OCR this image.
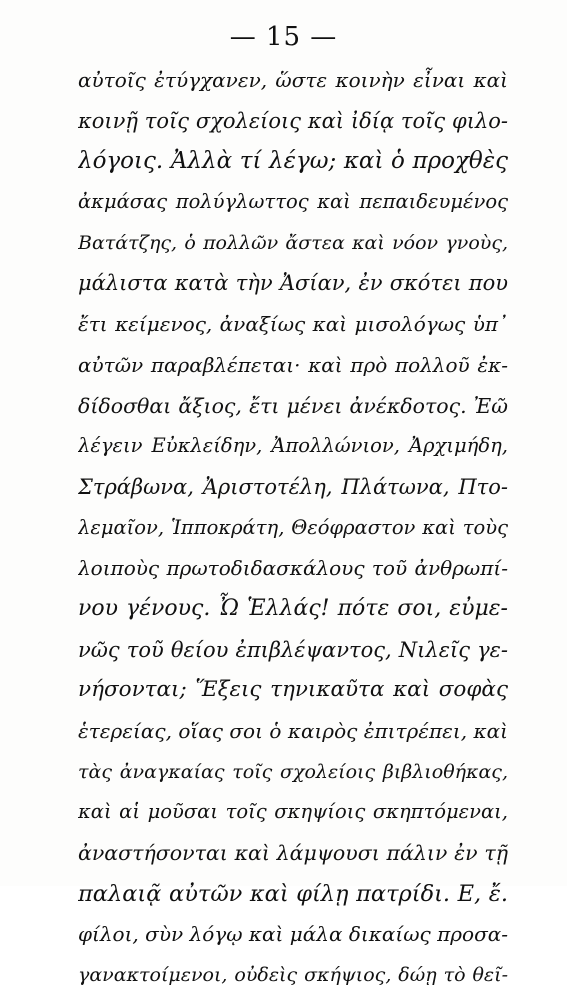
— 15 —
αὐτοῖς ἐτύγχανεν, ὥστε κοινὴν εἶναι καὶ
κοινῇ τοῖς σχολείοις καὶ ἰδίᾳ τοῖς φιλο-
λόγοις. Ἀλλὰ τί λέγω; καὶ ὁ προχθὲς
ἀκμάσας πολύγλωττος καὶ πεπαιδευμένος
Βατάτζης, ὁ πολλῶν ἄστεα καὶ νόον γνοὺς,
μάλιστα κατὰ τὴν Ἀσίαν, ἐν σκότει που
ἔτι κείμενος, ἀναξίως καὶ μισολόγως ὑπ᾽
αὐτῶν παραβλέπεται· καὶ πρὸ πολλοῦ ἐκ-
δίδοσθαι ἄξιος, ἔτι μένει ἀνέκδοτος. Ἐῶ
λέγειν Εὐκλείδην, Ἀπολλώνιον, Ἀρχιμήδη,
Στράβωνα, Ἀριστοτέλη, Πλάτωνα, Πτο-
λεμαῖον, Ἱπποκράτη, Θεόφραστον καὶ τοὺς
λοιποὺς πρωτοδιδασκάλους τοῦ ἀνθρωπί-
νου γένους. Ὦ Ἑλλάς! πότε σοι, εὐμε-
νῶς τοῦ θείου ἐπιβλέψαντος, Νιλεῖς γε-
νήσονται; Ἕξεις τηνικαῦτα καὶ σοφὰς
ἑτερείας, οἵας σοι ὁ καιρὸς ἐπιτρέπει, καὶ
τὰς ἀναγκαίας τοῖς σχολείοις βιβλιοθήκας,
καὶ αἱ μοῦσαι τοῖς σκηψίοις σκηπτόμεναι,
ἀναστήσονται καὶ λάμψουσι πάλιν ἐν τῇ
παλαιᾷ αὐτῶν καὶ φίλῃ πατρίδι. Ε, ἔ.
φίλοι, σὺν λόγῳ καὶ μάλα δικαίως προσα-
γανακτοίμενοι, οὐδεὶς σκήψιος, δώῃ τὸ θεῖ-
